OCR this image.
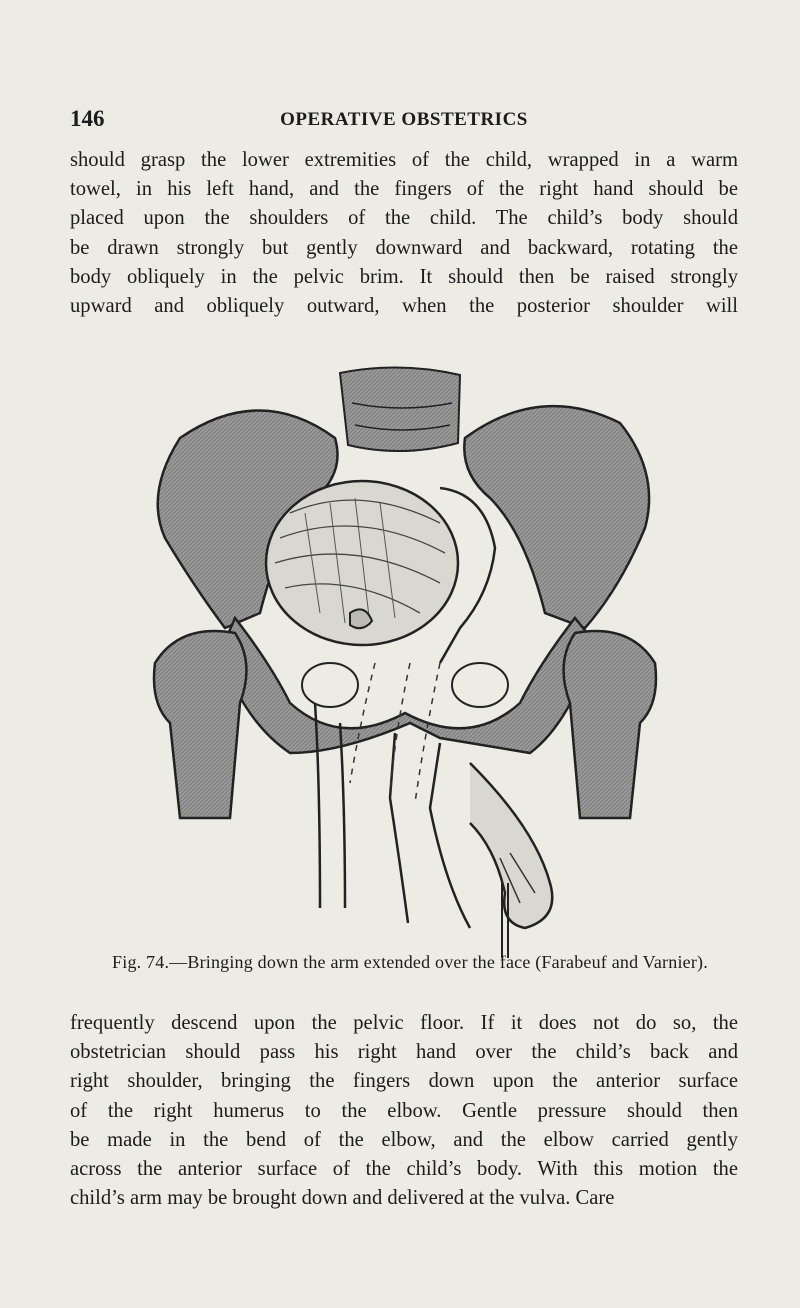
146	OPERATIVE OBSTETRICS
should grasp the lower extremities of the child, wrapped in a warm
towel, in his left hand, and the fingers of the right hand should be
placed upon the shoulders of the child. The child’s body should
be drawn strongly but gently downward and backward, rotating the
body obliquely in the pelvic brim. It should then be raised strongly
upward and obliquely outward, when the posterior shoulder will
Fig. 74.—Bringing down the arm extended over the face (Farabeuf and Varnier).
frequently descend upon the pelvic floor. If it does not do so, the
obstetrician should pass his right hand over the child’s back and
right shoulder, bringing the fingers down upon the anterior surface
of the right humerus to the elbow. Gentle pressure should then
be made in the bend of the elbow, and the elbow carried gently
across the anterior surface of the child’s body. With this motion the
child’s arm may be brought down and delivered at the vulva. Care
